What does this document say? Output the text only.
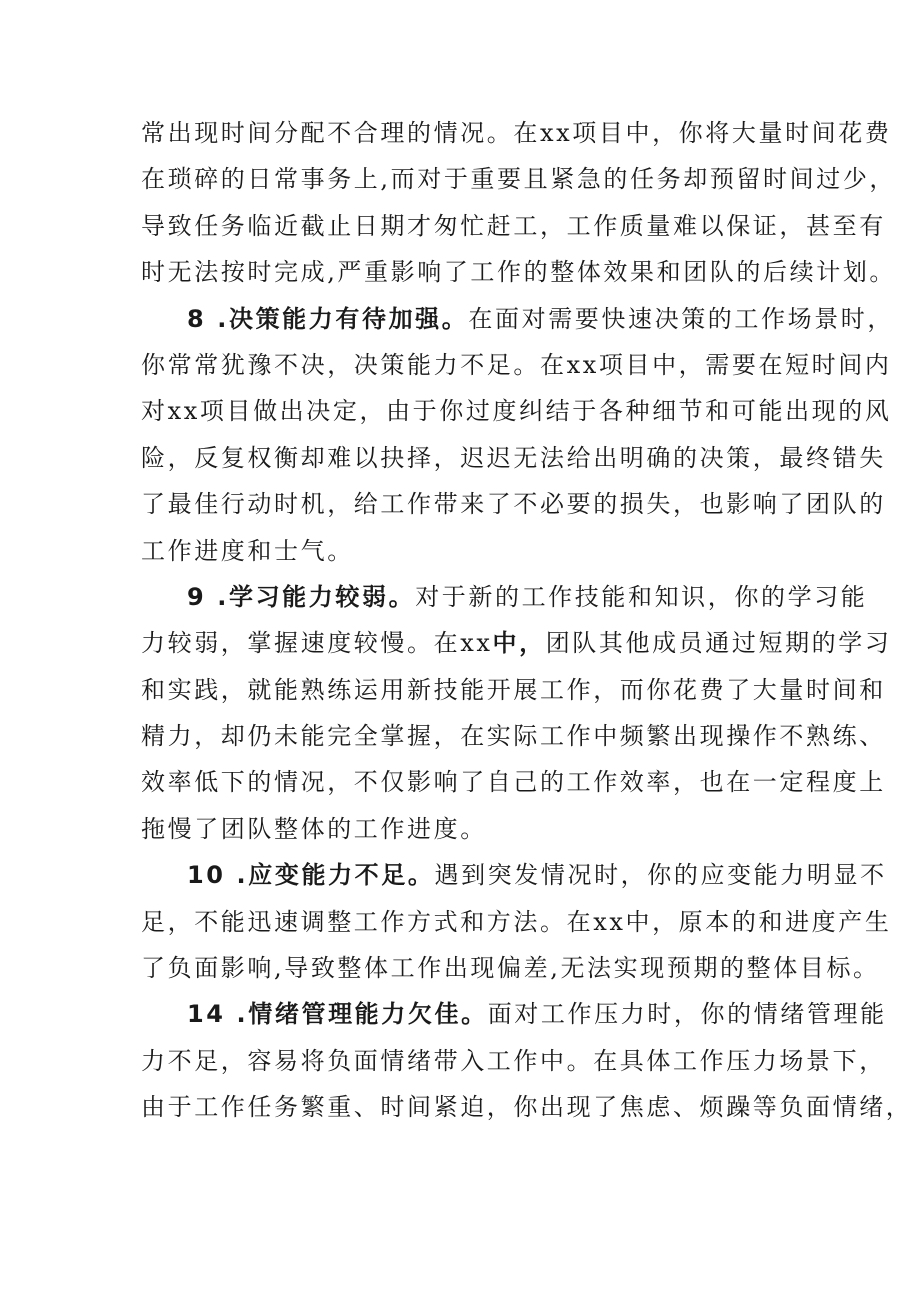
常出现时间分配不合理的情况。在xx项目中，你将大量时间花费
在琐碎的日常事务上,而对于重要且紧急的任务却预留时间过少，
导致任务临近截止日期才匆忙赶工，工作质量难以保证，甚至有
时无法按时完成,严重影响了工作的整体效果和团队的后续计划。
8 .决策能力有待加强。在面对需要快速决策的工作场景时，
你常常犹豫不决，决策能力不足。在xx项目中，需要在短时间内
对xx项目做出决定，由于你过度纠结于各种细节和可能出现的风
险，反复权衡却难以抉择，迟迟无法给出明确的决策，最终错失
了最佳行动时机，给工作带来了不必要的损失，也影响了团队的
工作进度和士气。
9 .学习能力较弱。对于新的工作技能和知识，你的学习能
力较弱，掌握速度较慢。在xx中，团队其他成员通过短期的学习
和实践，就能熟练运用新技能开展工作，而你花费了大量时间和
精力，却仍未能完全掌握，在实际工作中频繁出现操作不熟练、
效率低下的情况，不仅影响了自己的工作效率，也在一定程度上
拖慢了团队整体的工作进度。
10 .应变能力不足。遇到突发情况时，你的应变能力明显不
足，不能迅速调整工作方式和方法。在xx中，原本的和进度产生
了负面影响,导致整体工作出现偏差,无法实现预期的整体目标。
14 .情绪管理能力欠佳。面对工作压力时，你的情绪管理能
力不足，容易将负面情绪带入工作中。在具体工作压力场景下，
由于工作任务繁重、时间紧迫，你出现了焦虑、烦躁等负面情绪，
